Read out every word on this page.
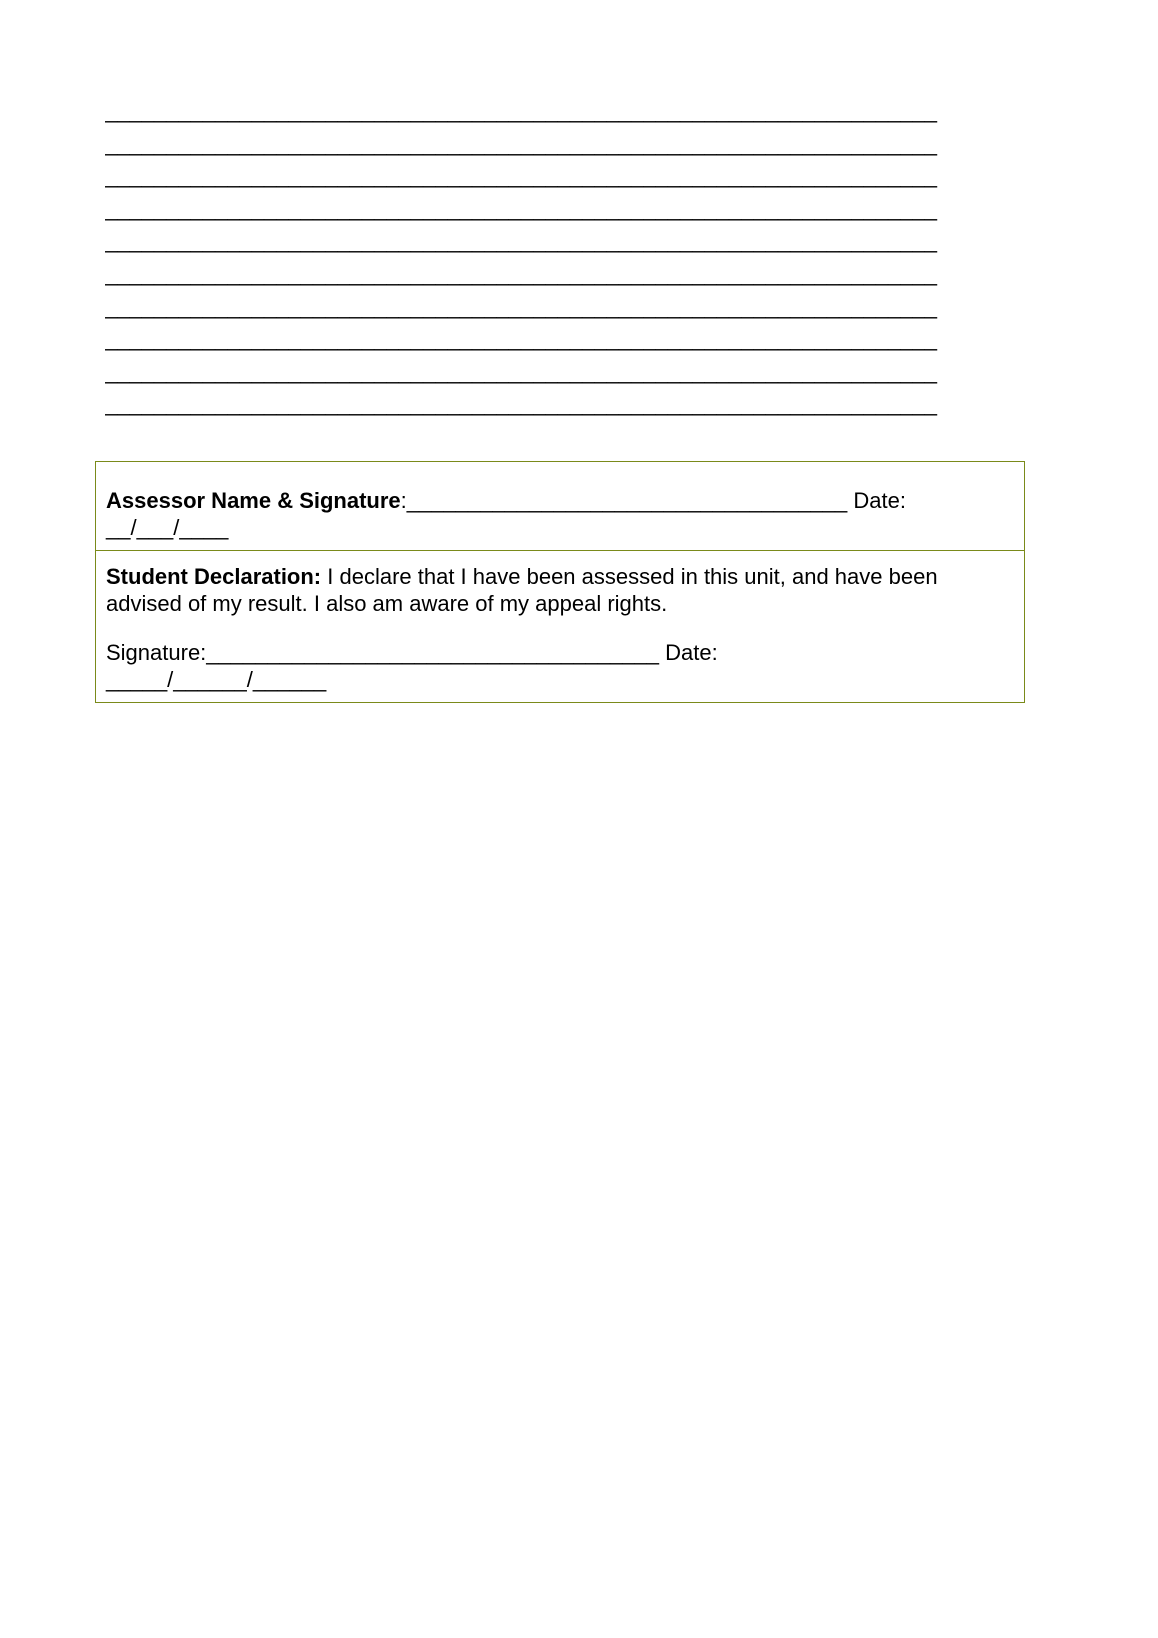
____________________________________________________________________
____________________________________________________________________
____________________________________________________________________
____________________________________________________________________
____________________________________________________________________
____________________________________________________________________
____________________________________________________________________
____________________________________________________________________
____________________________________________________________________
____________________________________________________________________
Assessor Name & Signature:____________________________________ Date:
__/___/____

Student Declaration: I declare that I have been assessed in this unit, and have been advised of my result. I also am aware of my appeal rights.

Signature:_____________________________________ Date:
_____/______/______
